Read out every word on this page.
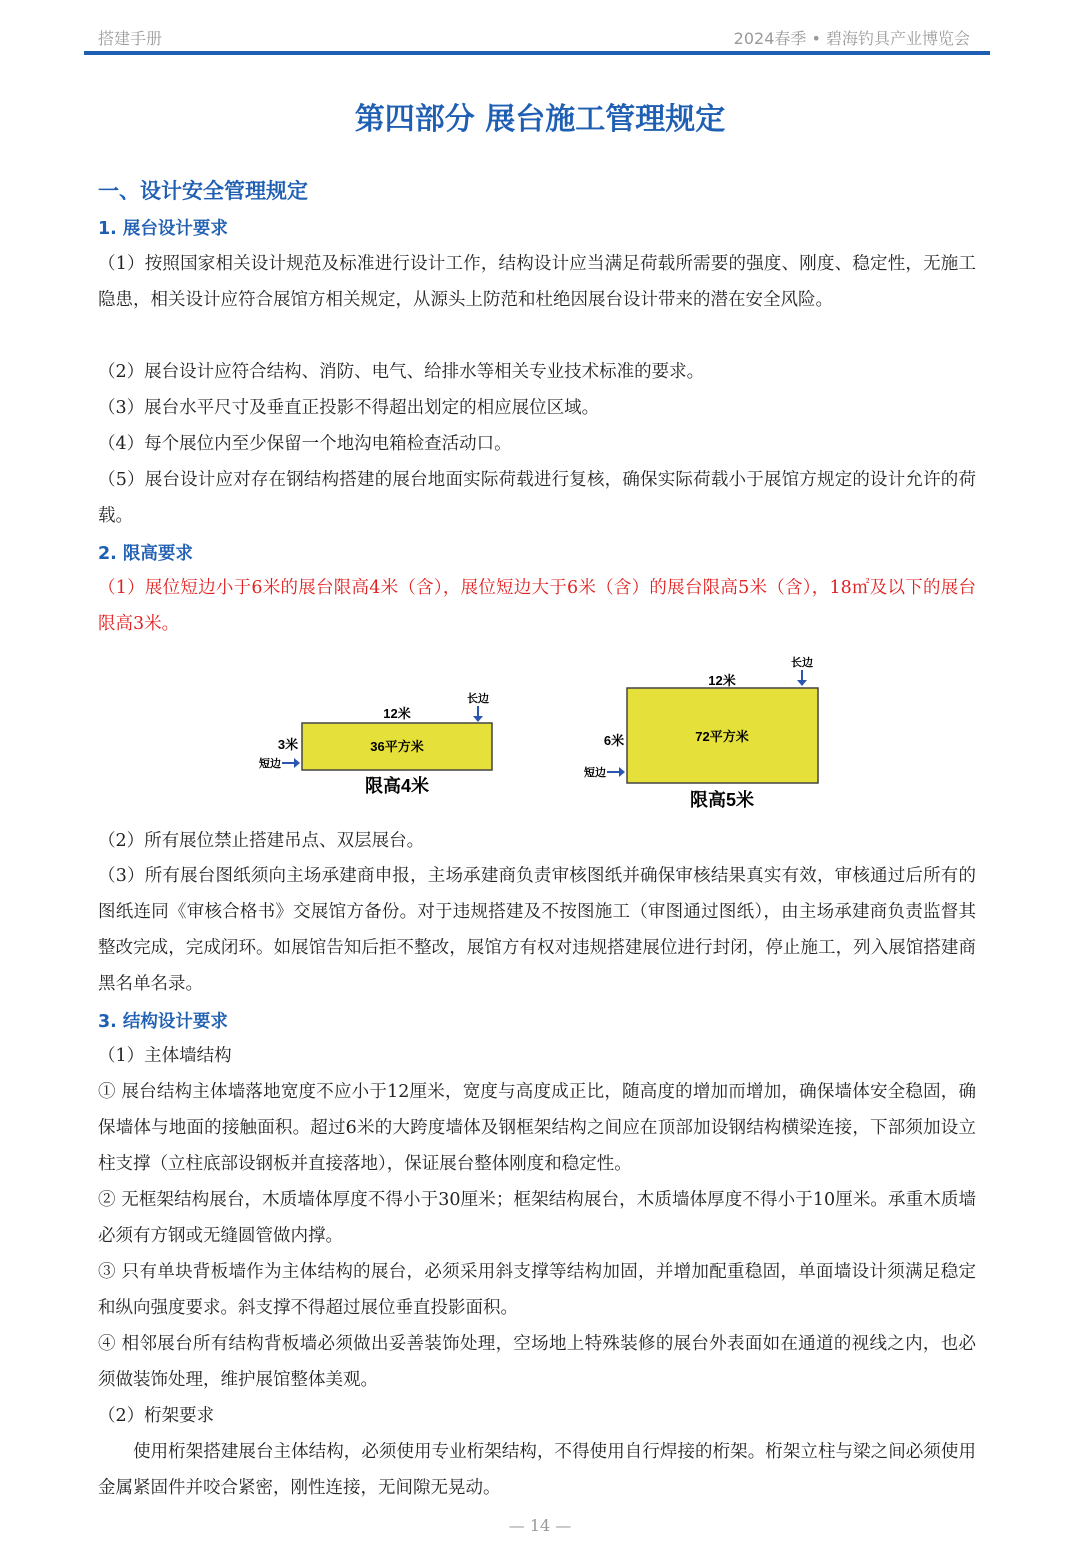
搭建手册	2024春季 • 碧海钓具产业博览会
第四部分 展台施工管理规定
一、设计安全管理规定
1. 展台设计要求
（1）按照国家相关设计规范及标准进行设计工作，结构设计应当满足荷载所需要的强度、刚度、稳定性，无施工隐患，相关设计应符合展馆方相关规定，从源头上防范和杜绝因展台设计带来的潜在安全风险。
（2）展台设计应符合结构、消防、电气、给排水等相关专业技术标准的要求。
（3）展台水平尺寸及垂直正投影不得超出划定的相应展位区域。
（4）每个展位内至少保留一个地沟电箱检查活动口。
（5）展台设计应对存在钢结构搭建的展台地面实际荷载进行复核，确保实际荷载小于展馆方规定的设计允许的荷载。
2. 限高要求
（1）展位短边小于6米的展台限高4米（含），展位短边大于6米（含）的展台限高5米（含），18㎡及以下的展台限高3米。
12米
长边
36平方米
3米
短边
限高4米
12米
长边
72平方米
6米
短边
限高5米
（2）所有展位禁止搭建吊点、双层展台。
（3）所有展台图纸须向主场承建商申报，主场承建商负责审核图纸并确保审核结果真实有效，审核通过后所有的图纸连同《审核合格书》交展馆方备份。对于违规搭建及不按图施工（审图通过图纸），由主场承建商负责监督其整改完成，完成闭环。如展馆告知后拒不整改，展馆方有权对违规搭建展位进行封闭，停止施工，列入展馆搭建商黑名单名录。
3. 结构设计要求
（1）主体墙结构
① 展台结构主体墙落地宽度不应小于12厘米，宽度与高度成正比，随高度的增加而增加，确保墙体安全稳固，确保墙体与地面的接触面积。超过6米的大跨度墙体及钢框架结构之间应在顶部加设钢结构横梁连接，下部须加设立柱支撑（立柱底部设钢板并直接落地），保证展台整体刚度和稳定性。
② 无框架结构展台，木质墙体厚度不得小于30厘米；框架结构展台，木质墙体厚度不得小于10厘米。承重木质墙必须有方钢或无缝圆管做内撑。
③ 只有单块背板墙作为主体结构的展台，必须采用斜支撑等结构加固，并增加配重稳固，单面墙设计须满足稳定和纵向强度要求。斜支撑不得超过展位垂直投影面积。
④ 相邻展台所有结构背板墙必须做出妥善装饰处理，空场地上特殊装修的展台外表面如在通道的视线之内，也必须做装饰处理，维护展馆整体美观。
（2）桁架要求
使用桁架搭建展台主体结构，必须使用专业桁架结构，不得使用自行焊接的桁架。桁架立柱与梁之间必须使用金属紧固件并咬合紧密，刚性连接，无间隙无晃动。
— 14 —
